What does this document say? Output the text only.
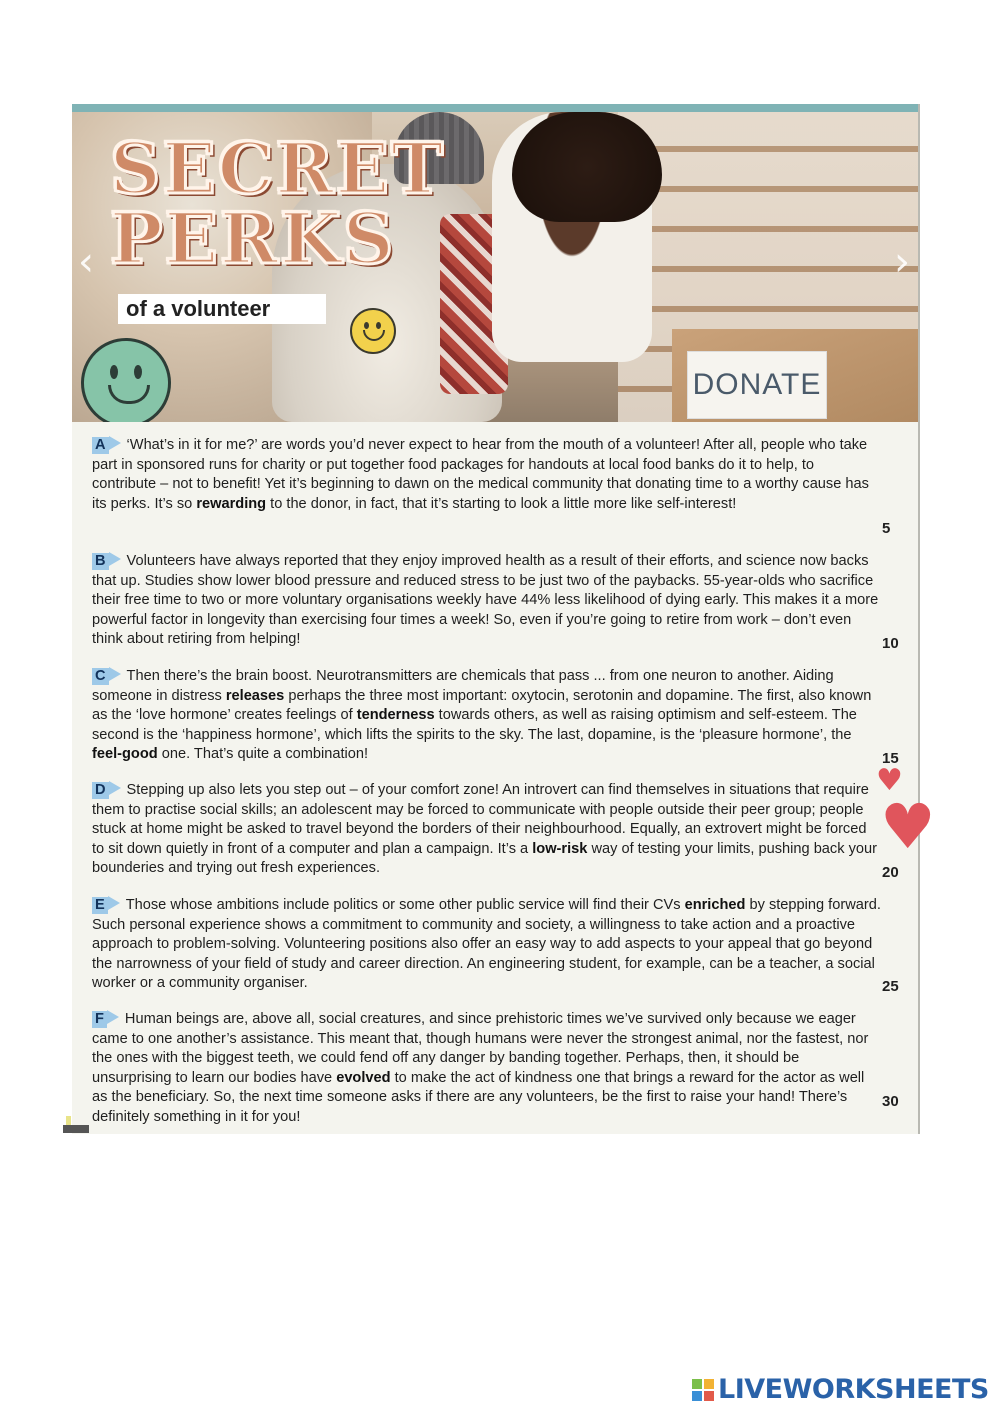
DONATE
SECRET
PERKS
of a volunteer
‹	›
A ‘What’s in it for me?’ are words you’d never expect to hear from the mouth of a volunteer! After all, people who take part in sponsored runs for charity or put together food packages for handouts at local food banks do it to help, to contribute – not to benefit! Yet it’s beginning to dawn on the medical community that donating time to a worthy cause has its perks. It’s so rewarding to the donor, in fact, that it’s starting to look a little more like self-interest!
5
B Volunteers have always reported that they enjoy improved health as a result of their efforts, and science now backs that up. Studies show lower blood pressure and reduced stress to be just two of the paybacks. 55-year-olds who sacrifice their free time to two or more voluntary organisations weekly have 44% less likelihood of dying early. This makes it a more powerful factor in longevity than exercising four times a week! So, even if you’re going to retire from work – don’t even think about retiring from helping!	10
C Then there’s the brain boost. Neurotransmitters are chemicals that pass ... from one neuron to another. Aiding someone in distress releases perhaps the three most important: oxytocin, serotonin and dopamine. The first, also known as the ‘love hormone’ creates feelings of tenderness towards others, as well as raising optimism and self-esteem. The second is the ‘happiness hormone’, which lifts the spirits to the sky. The last, dopamine, is the ‘pleasure hormone’, the feel-good one. That’s quite a combination!	15
D Stepping up also lets you step out – of your comfort zone! An introvert can find themselves in situations that require them to practise social skills; an adolescent may be forced to communicate with people outside their peer group; people stuck at home might be asked to travel beyond the borders of their neighbourhood. Equally, an extrovert might be forced to sit down quietly in front of a computer and plan a campaign. It’s a low-risk way of testing your limits, pushing back your bounderies and trying out fresh experiences.	20
E Those whose ambitions include politics or some other public service will find their CVs enriched by stepping forward. Such personal experience shows a commitment to community and society, a willingness to take action and a proactive approach to problem-solving. Volunteering positions also offer an easy way to add aspects to your appeal that go beyond the narrowness of your field of study and career direction. An engineering student, for example, can be a teacher, a social worker or a community organiser.	25
F Human beings are, above all, social creatures, and since prehistoric times we’ve survived only because we eager came to one another’s assistance. This meant that, though humans were never the strongest animal, nor the fastest, nor the ones with the biggest teeth, we could fend off any danger by banding together. Perhaps, then, it should be unsurprising to learn our bodies have evolved to make the act of kindness one that brings a reward for the actor as well as the beneficiary. So, the next time someone asks if there are any volunteers, be the first to raise your hand! There’s definitely something in it for you!
30
♥
♥
LIVEWORKSHEETS
